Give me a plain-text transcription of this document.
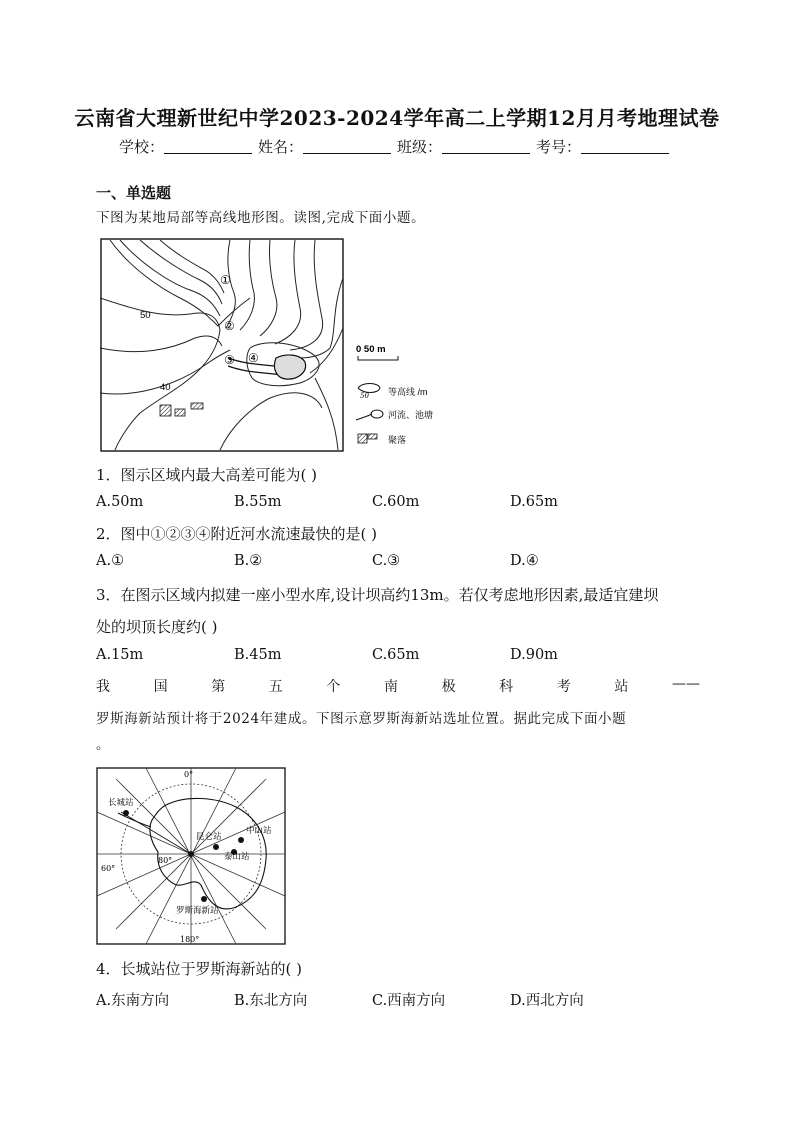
云南省大理新世纪中学2023-2024学年高二上学期12月月考地理试卷
学校：	姓名：	班级：	考号：
一、单选题
下图为某地局部等高线地形图。读图,完成下面小题。
①
②
③ ④
50
40
0 50 m
50 等高线 /m
河流、池塘
聚落
1．图示区域内最大高差可能为( )
A.50m	B.55m	C.60m	D.65m
2．图中①②③④附近河水流速最快的是( )
A.①	B.②	C.③	D.④
3．在图示区域内拟建一座小型水库,设计坝高约13m。若仅考虑地形因素,最适宜建坝
处的坝顶长度约( )
A.15m	B.45m	C.65m	D.90m
我	国	第	五	个	南	极	科	考	站	——
罗斯海新站预计将于2024年建成。下图示意罗斯海新站选址位置。据此完成下面小题
。
0°
180°
60°
80°
长城站
昆仑站
中山站
泰山站
罗斯海新站
4．长城站位于罗斯海新站的( )
A.东南方向	B.东北方向	C.西南方向	D.西北方向
